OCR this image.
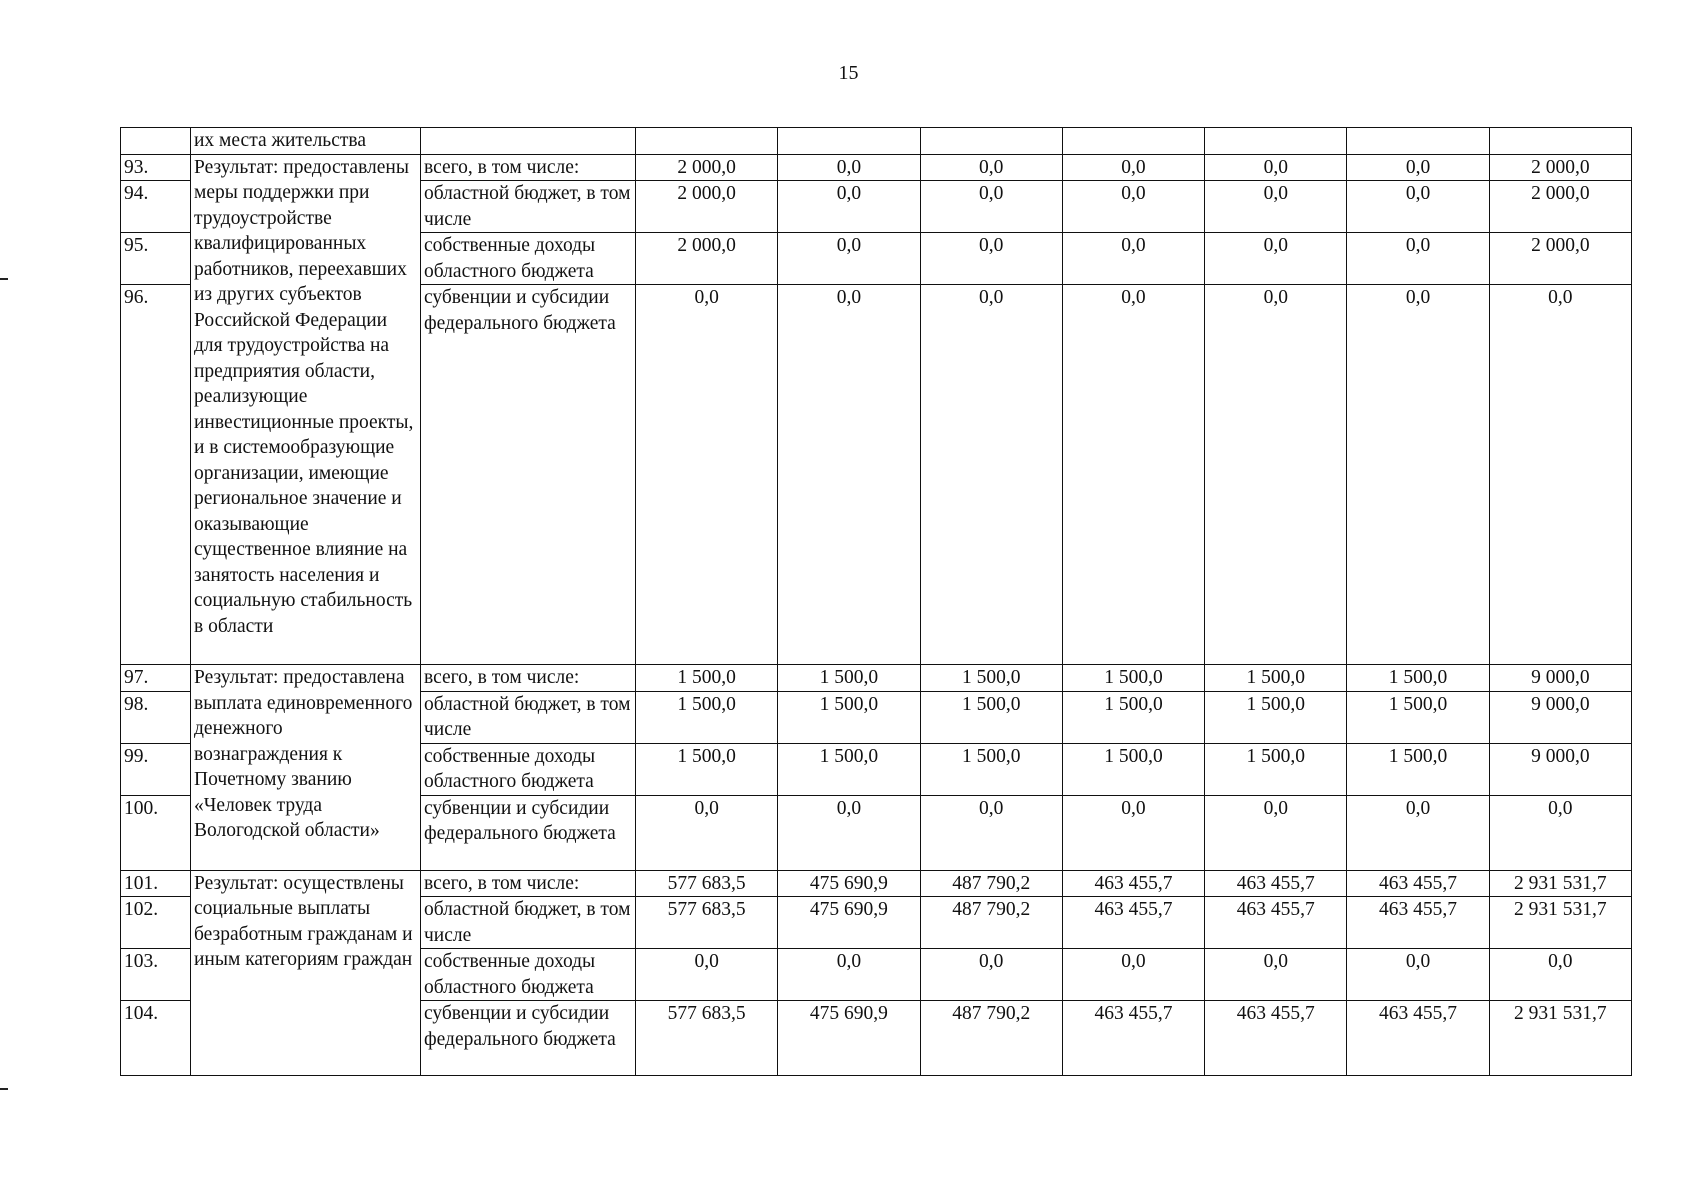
15
	их места жительства								
93.	Результат: предоставлены меры поддержки при трудоустройстве квалифицированных работников, переехавших из других субъектов Российской Федерации для трудоустройства на предприятия области, реализующие инвестиционные проекты, и в системообразующие организации, имеющие региональное значение и оказывающие существенное влияние на занятость населения и социальную стабильность в области	всего, в том числе:	2 000,0	0,0	0,0	0,0	0,0	0,0	2 000,0
94.		областной бюджет, в том числе	2 000,0	0,0	0,0	0,0	0,0	0,0	2 000,0
95.		собственные доходы областного бюджета	2 000,0	0,0	0,0	0,0	0,0	0,0	2 000,0
96.		субвенции и субсидии федерального бюджета	0,0	0,0	0,0	0,0	0,0	0,0	0,0
97.	Результат: предоставлена выплата единовременного денежного вознаграждения к Почетному званию «Человек труда Вологодской области»	всего, в том числе:	1 500,0	1 500,0	1 500,0	1 500,0	1 500,0	1 500,0	9 000,0
98.		областной бюджет, в том числе	1 500,0	1 500,0	1 500,0	1 500,0	1 500,0	1 500,0	9 000,0
99.		собственные доходы областного бюджета	1 500,0	1 500,0	1 500,0	1 500,0	1 500,0	1 500,0	9 000,0
100.		субвенции и субсидии федерального бюджета	0,0	0,0	0,0	0,0	0,0	0,0	0,0
101.	Результат: осуществлены социальные выплаты безработным гражданам и иным категориям граждан	всего, в том числе:	577 683,5	475 690,9	487 790,2	463 455,7	463 455,7	463 455,7	2 931 531,7
102.		областной бюджет, в том числе	577 683,5	475 690,9	487 790,2	463 455,7	463 455,7	463 455,7	2 931 531,7
103.		собственные доходы областного бюджета	0,0	0,0	0,0	0,0	0,0	0,0	0,0
104.		субвенции и субсидии федерального бюджета	577 683,5	475 690,9	487 790,2	463 455,7	463 455,7	463 455,7	2 931 531,7
